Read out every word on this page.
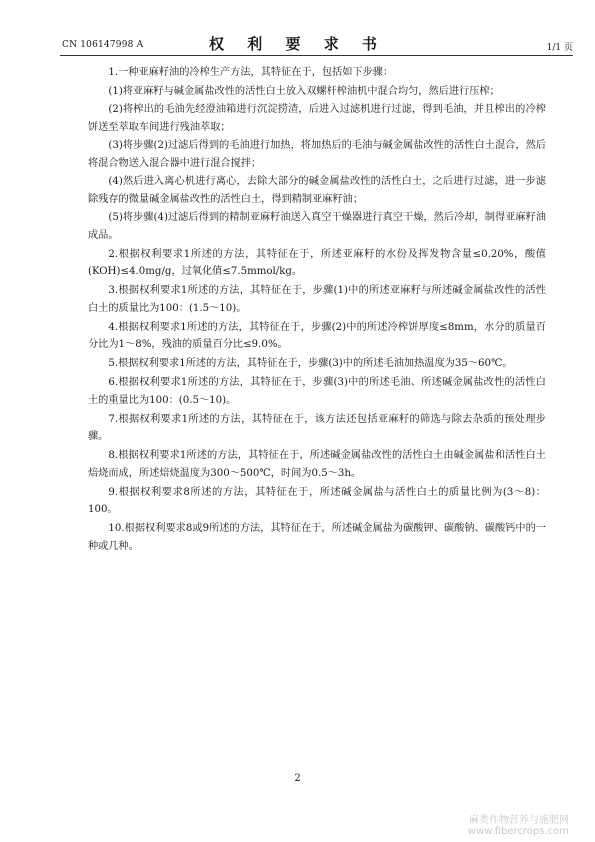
CN 106147998 A	权 利 要 求 书	1/1 页

1.一种亚麻籽油的冷榨生产方法，其特征在于，包括如下步骤：

(1)将亚麻籽与碱金属盐改性的活性白土放入双螺杆榨油机中混合均匀，然后进行压榨；

(2)将榨出的毛油先经澄油箱进行沉淀捞渣，后进入过滤机进行过滤，得到毛油，并且榨出的冷榨饼送至萃取车间进行残油萃取；

(3)将步骤(2)过滤后得到的毛油进行加热，将加热后的毛油与碱金属盐改性的活性白土混合，然后将混合物送入混合器中进行混合搅拌；

(4)然后进入离心机进行离心，去除大部分的碱金属盐改性的活性白土，之后进行过滤，进一步滤除残存的微量碱金属盐改性的活性白土，得到精制亚麻籽油；

(5)将步骤(4)过滤后得到的精制亚麻籽油送入真空干燥器进行真空干燥，然后冷却，制得亚麻籽油成品。

2.根据权利要求1所述的方法，其特征在于，所述亚麻籽的水份及挥发物含量≤0.20%，酸值(KOH)≤4.0mg/g，过氧化值≤7.5mmol/kg。

3.根据权利要求1所述的方法，其特征在于，步骤(1)中的所述亚麻籽与所述碱金属盐改性的活性白土的质量比为100：(1.5～10)。

4.根据权利要求1所述的方法，其特征在于，步骤(2)中的所述冷榨饼厚度≤8mm，水分的质量百分比为1～8%，残油的质量百分比≤9.0%。

5.根据权利要求1所述的方法，其特征在于，步骤(3)中的所述毛油加热温度为35～60℃。

6.根据权利要求1所述的方法，其特征在于，步骤(3)中的所述毛油、所述碱金属盐改性的活性白土的重量比为100：(0.5～10)。

7.根据权利要求1所述的方法，其特征在于，该方法还包括亚麻籽的筛选与除去杂质的预处理步骤。

8.根据权利要求1所述的方法，其特征在于，所述碱金属盐改性的活性白土由碱金属盐和活性白土焙烧而成，所述焙烧温度为300～500℃，时间为0.5～3h。

9.根据权利要求8所述的方法，其特征在于，所述碱金属盐与活性白土的质量比例为(3～8)：100。

10.根据权利要求8或9所述的方法，其特征在于，所述碱金属盐为碳酸钾、碳酸钠、碳酸钙中的一种或几种。

2
麻类作物营养与施肥网
www.fibercrops.com
